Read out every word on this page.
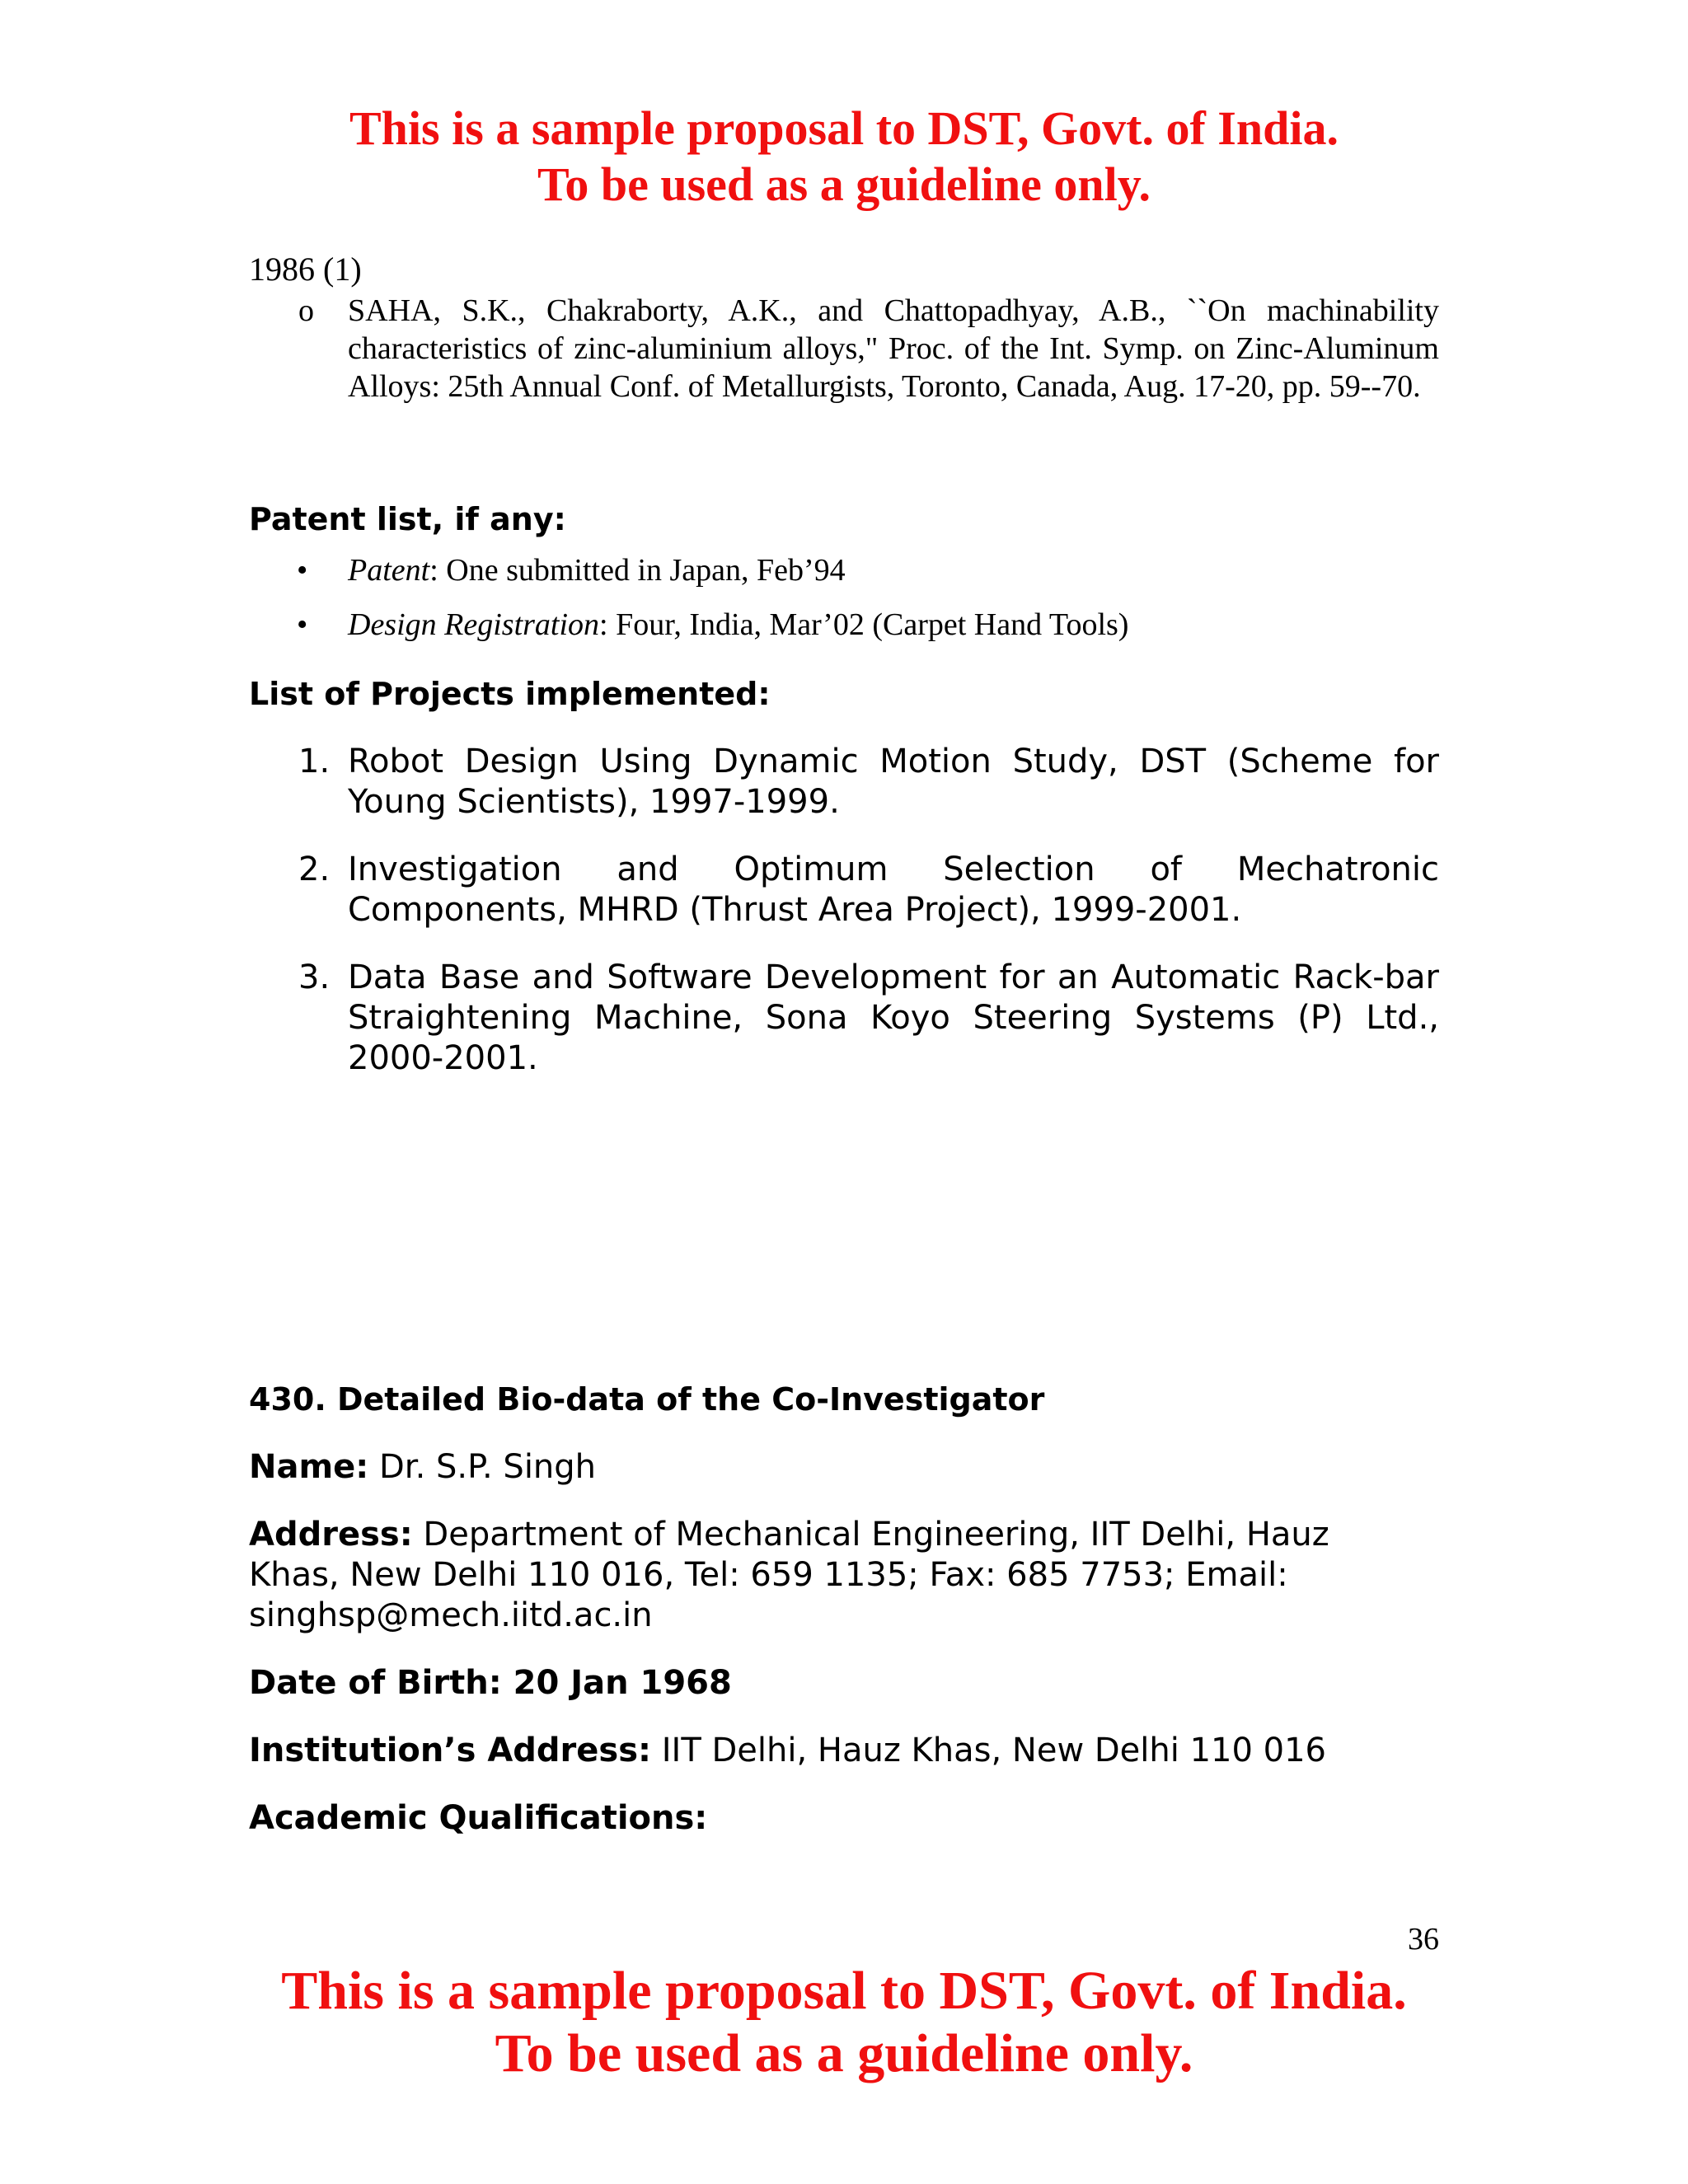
This is a sample proposal to DST, Govt. of India.
To be used as a guideline only.
1986 (1)
o SAHA, S.K., Chakraborty, A.K., and Chattopadhyay, A.B., ``On machinability characteristics of zinc-aluminium alloys," Proc. of the Int. Symp. on Zinc-Aluminum Alloys: 25th Annual Conf. of Metallurgists, Toronto, Canada, Aug. 17-20, pp. 59--70.
Patent list, if any:
• Patent: One submitted in Japan, Feb’94
• Design Registration: Four, India, Mar’02 (Carpet Hand Tools)
List of Projects implemented:
1. Robot Design Using Dynamic Motion Study, DST (Scheme for Young Scientists), 1997-1999.
2. Investigation and Optimum Selection of Mechatronic Components, MHRD (Thrust Area Project), 1999-2001.
3. Data Base and Software Development for an Automatic Rack-bar Straightening Machine, Sona Koyo Steering Systems (P) Ltd., 2000-2001.
430. Detailed Bio-data of the Co-Investigator
Name: Dr. S.P. Singh
Address: Department of Mechanical Engineering, IIT Delhi, Hauz Khas, New Delhi 110 016, Tel: 659 1135; Fax: 685 7753; Email: singhsp@mech.iitd.ac.in
Date of Birth: 20 Jan 1968
Institution’s Address: IIT Delhi, Hauz Khas, New Delhi 110 016
Academic Qualifications:
36
This is a sample proposal to DST, Govt. of India.
To be used as a guideline only.
